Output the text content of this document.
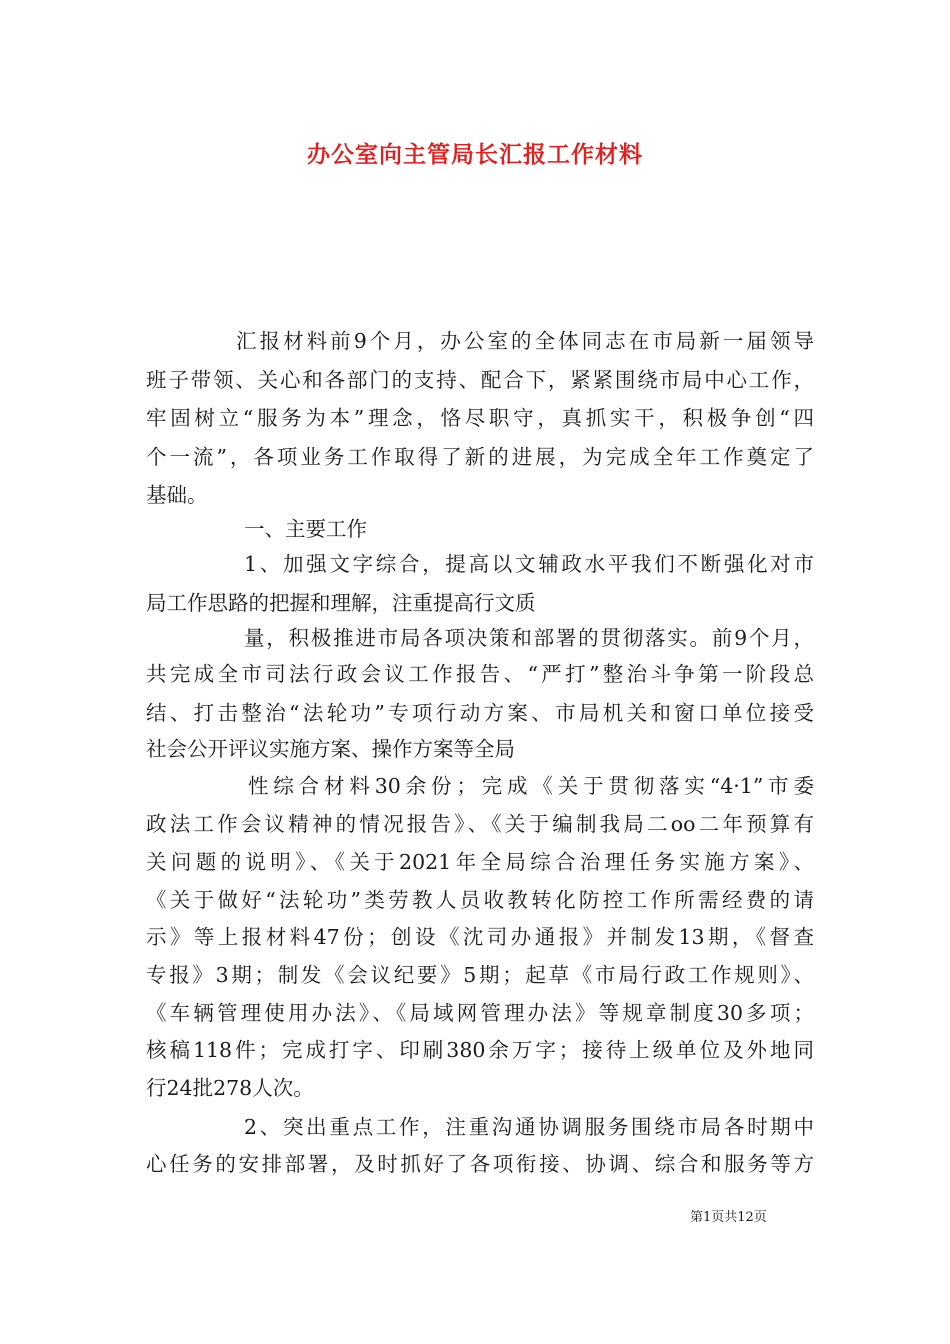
办公室向主管局长汇报工作材料

汇报材料前9个月，办公室的全体同志在市局新一届领导

班子带领、关心和各部门的支持、配合下，紧紧围绕市局中心工作，

牢固树立“服务为本”理念，恪尽职守，真抓实干，积极争创“四

个一流”，各项业务工作取得了新的进展，为完成全年工作奠定了

基础。

一、主要工作

1、加强文字综合，提高以文辅政水平我们不断强化对市

局工作思路的把握和理解，注重提高行文质

量，积极推进市局各项决策和部署的贯彻落实。前9个月，

共完成全市司法行政会议工作报告、“严打”整治斗争第一阶段总

结、打击整治“法轮功”专项行动方案、市局机关和窗口单位接受

社会公开评议实施方案、操作方案等全局

性综合材料30余份；完成《关于贯彻落实“4·1”市委

政法工作会议精神的情况报告》、《关于编制我局二oo二年预算有

关问题的说明》、《关于2021年全局综合治理任务实施方案》、

《关于做好“法轮功”类劳教人员收教转化防控工作所需经费的请

示》等上报材料47份；创设《沈司办通报》并制发13期，《督查

专报》3期；制发《会议纪要》5期；起草《市局行政工作规则》、

《车辆管理使用办法》、《局域网管理办法》等规章制度30多项；

核稿118件；完成打字、印刷380余万字；接待上级单位及外地同

行24批278人次。

2、突出重点工作，注重沟通协调服务围绕市局各时期中

心任务的安排部署，及时抓好了各项衔接、协调、综合和服务等方

第1页共12页
